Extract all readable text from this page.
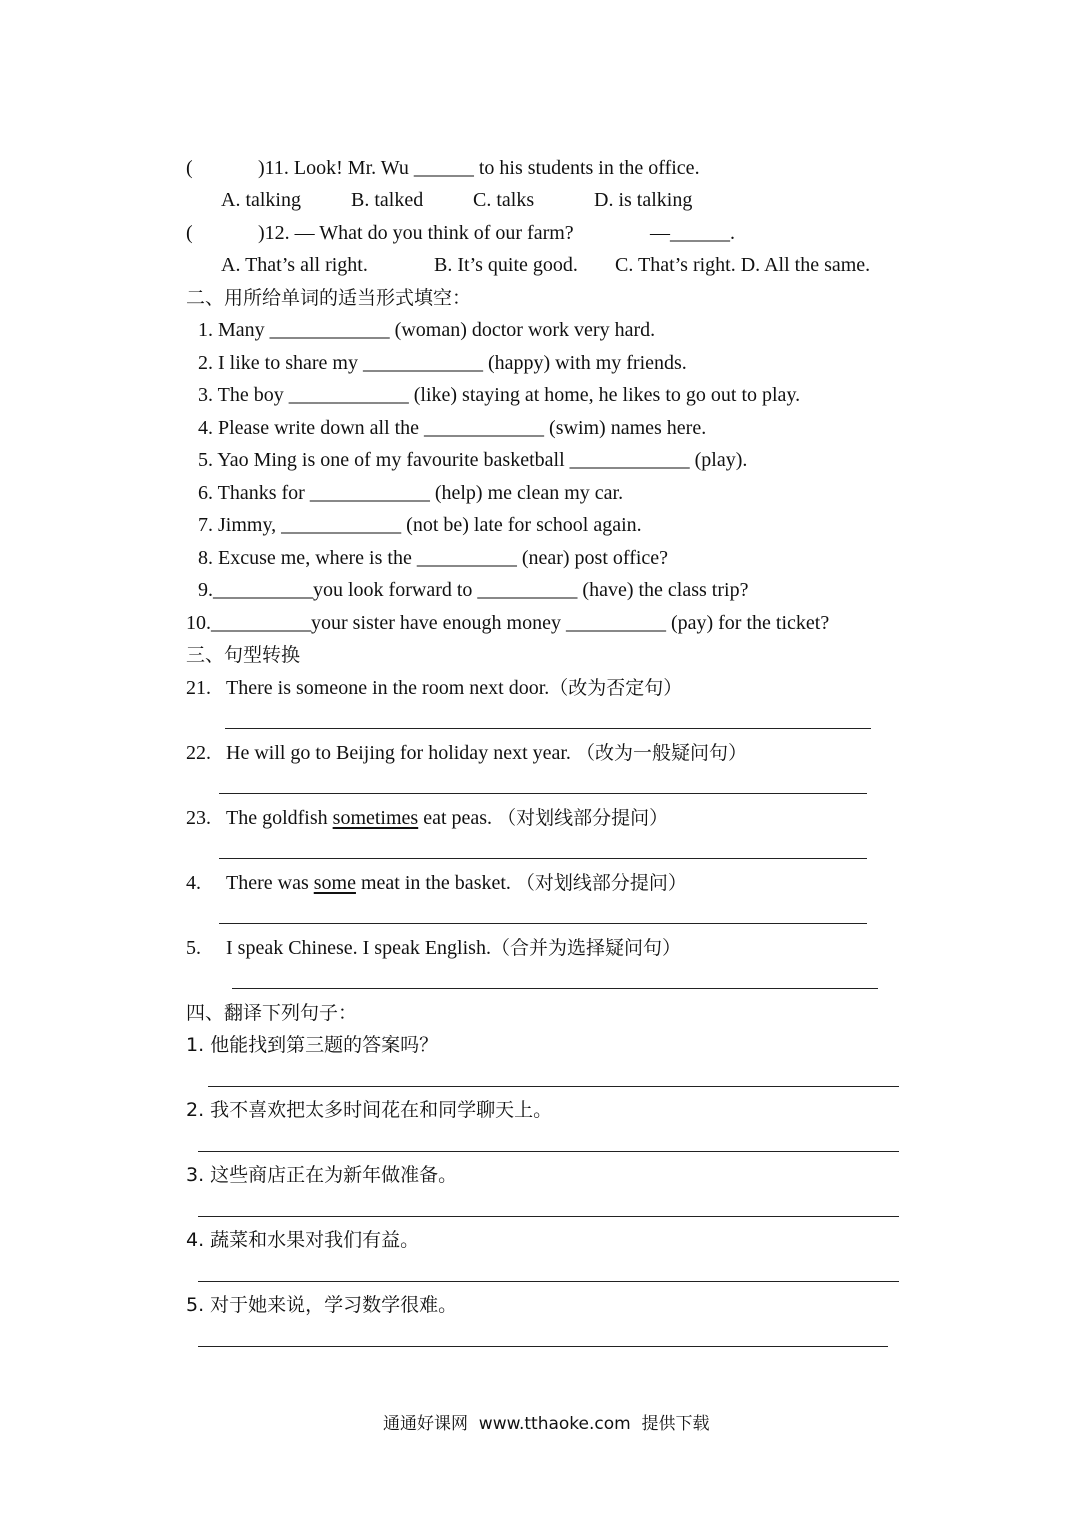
(	)11. Look! Mr. Wu ______ to his students in the office.
A. talking	B. talked C. talks	D. is talking
(	)12. — What do you think of our farm?	—______.
A. That’s all right.	B. It’s quite good. C. That’s right. D. All the same.
二、用所给单词的适当形式填空：
1. Many ____________ (woman) doctor work very hard.
2. I like to share my ____________ (happy) with my friends.
3. The boy ____________ (like) staying at home, he likes to go out to play.
4. Please write down all the ____________ (swim) names here.
5. Yao Ming is one of my favourite basketball ____________ (play).
6. Thanks for ____________ (help) me clean my car.
7. Jimmy, ____________ (not be) late for school again.
8. Excuse me, where is the __________ (near) post office?
9.__________you look forward to __________ (have) the class trip?
10.__________your sister have enough money __________ (pay) for the ticket?
三、句型转换
21. There is someone in the room next door.（改为否定句）
22. He will go to Beijing for holiday next year. （改为一般疑问句）
23. The goldfish sometimes eat peas. （对划线部分提问）
4. There was some meat in the basket. （对划线部分提问）
5. I speak Chinese. I speak English.（合并为选择疑问句）
四、翻译下列句子：
1. 他能找到第三题的答案吗？
2. 我不喜欢把太多时间花在和同学聊天上。
3. 这些商店正在为新年做准备。
4. 蔬菜和水果对我们有益。
5. 对于她来说，学习数学很难。
通通好课网  www.tthaoke.com  提供下载
